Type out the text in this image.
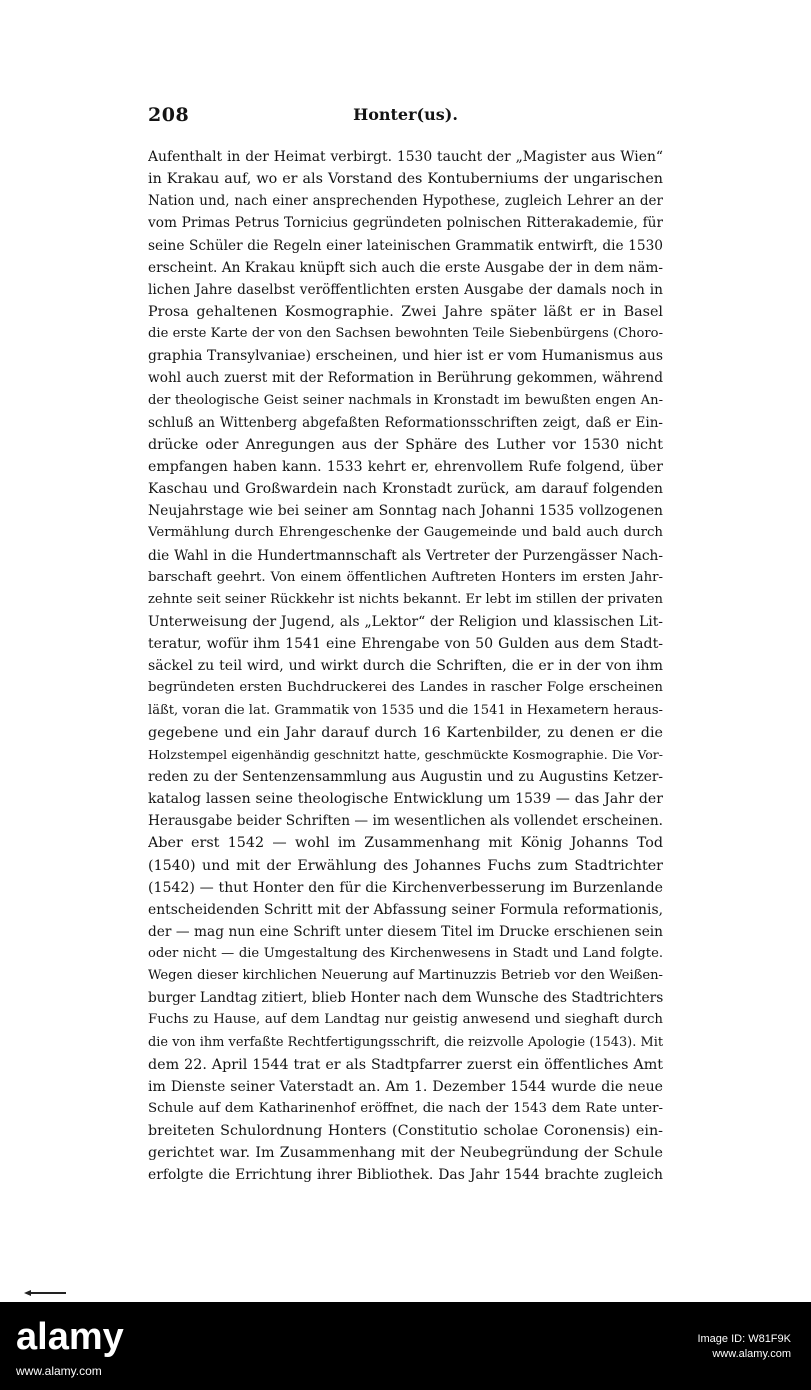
208	Honter(us).
Aufenthalt in der Heimat verbirgt. 1530 taucht der „Magister aus Wien“
in Krakau auf, wo er als Vorstand des Kontuberniums der ungarischen
Nation und, nach einer ansprechenden Hypothese, zugleich Lehrer an der
vom Primas Petrus Tornicius gegründeten polnischen Ritterakademie, für
seine Schüler die Regeln einer lateinischen Grammatik entwirft, die 1530
erscheint. An Krakau knüpft sich auch die erste Ausgabe der in dem näm-
lichen Jahre daselbst veröffentlichten ersten Ausgabe der damals noch in
Prosa gehaltenen Kosmographie. Zwei Jahre später läßt er in Basel
die erste Karte der von den Sachsen bewohnten Teile Siebenbürgens (Choro-
graphia Transylvaniae) erscheinen, und hier ist er vom Humanismus aus
wohl auch zuerst mit der Reformation in Berührung gekommen, während
der theologische Geist seiner nachmals in Kronstadt im bewußten engen An-
schluß an Wittenberg abgefaßten Reformationsschriften zeigt, daß er Ein-
drücke oder Anregungen aus der Sphäre des Luther vor 1530 nicht
empfangen haben kann. 1533 kehrt er, ehrenvollem Rufe folgend, über
Kaschau und Großwardein nach Kronstadt zurück, am darauf folgenden
Neujahrstage wie bei seiner am Sonntag nach Johanni 1535 vollzogenen
Vermählung durch Ehrengeschenke der Gaugemeinde und bald auch durch
die Wahl in die Hundertmannschaft als Vertreter der Purzengässer Nach-
barschaft geehrt. Von einem öffentlichen Auftreten Honters im ersten Jahr-
zehnte seit seiner Rückkehr ist nichts bekannt. Er lebt im stillen der privaten
Unterweisung der Jugend, als „Lektor“ der Religion und klassischen Lit-
teratur, wofür ihm 1541 eine Ehrengabe von 50 Gulden aus dem Stadt-
säckel zu teil wird, und wirkt durch die Schriften, die er in der von ihm
begründeten ersten Buchdruckerei des Landes in rascher Folge erscheinen
läßt, voran die lat. Grammatik von 1535 und die 1541 in Hexametern heraus-
gegebene und ein Jahr darauf durch 16 Kartenbilder, zu denen er die
Holzstempel eigenhändig geschnitzt hatte, geschmückte Kosmographie. Die Vor-
reden zu der Sentenzensammlung aus Augustin und zu Augustins Ketzer-
katalog lassen seine theologische Entwicklung um 1539 — das Jahr der
Herausgabe beider Schriften — im wesentlichen als vollendet erscheinen.
Aber erst 1542 — wohl im Zusammenhang mit König Johanns Tod
(1540) und mit der Erwählung des Johannes Fuchs zum Stadtrichter
(1542) — thut Honter den für die Kirchenverbesserung im Burzenlande
entscheidenden Schritt mit der Abfassung seiner Formula reformationis,
der — mag nun eine Schrift unter diesem Titel im Drucke erschienen sein
oder nicht — die Umgestaltung des Kirchenwesens in Stadt und Land folgte.
Wegen dieser kirchlichen Neuerung auf Martinuzzis Betrieb vor den Weißen-
burger Landtag zitiert, blieb Honter nach dem Wunsche des Stadtrichters
Fuchs zu Hause, auf dem Landtag nur geistig anwesend und sieghaft durch
die von ihm verfaßte Rechtfertigungsschrift, die reizvolle Apologie (1543). Mit
dem 22. April 1544 trat er als Stadtpfarrer zuerst ein öffentliches Amt
im Dienste seiner Vaterstadt an. Am 1. Dezember 1544 wurde die neue
Schule auf dem Katharinenhof eröffnet, die nach der 1543 dem Rate unter-
breiteten Schulordnung Honters (Constitutio scholae Coronensis) ein-
gerichtet war. Im Zusammenhang mit der Neubegründung der Schule
erfolgte die Errichtung ihrer Bibliothek. Das Jahr 1544 brachte zugleich
alamy
www.alamy.com
Image ID: W81F9K
www.alamy.com
